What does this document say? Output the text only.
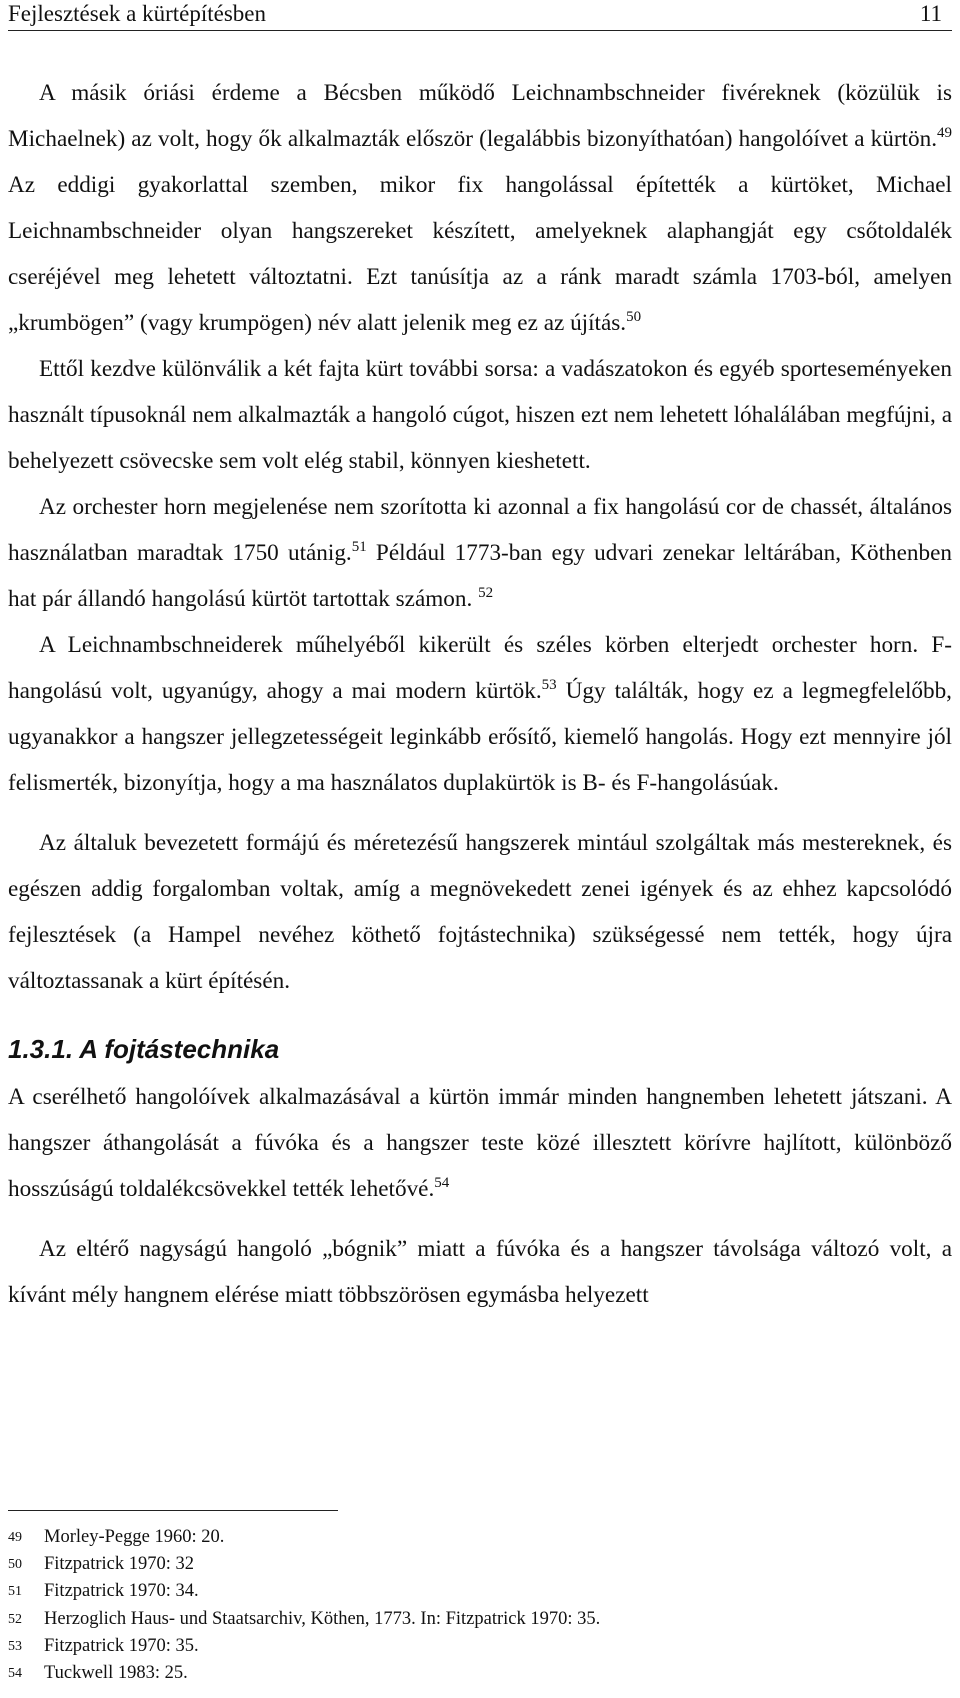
Fejlesztések a kürtépítésben	11

A másik óriási érdeme a Bécsben működő Leichnambschneider fivéreknek (közülük is Michaelnek) az volt, hogy ők alkalmazták először (legalábbis bizonyíthatóan) hangolóívet a kürtön.$^{49}$ Az eddigi gyakorlattal szemben, mikor fix hangolással építették a kürtöket, Michael Leichnambschneider olyan hangszereket készített, amelyeknek alaphangját egy csőtoldalék cseréjével meg lehetett változtatni. Ezt tanúsítja az a ránk maradt számla 1703-ból, amelyen „krumbögen” (vagy krumpögen) név alatt jelenik meg ez az újítás.$^{50}$

Ettől kezdve különválik a két fajta kürt további sorsa: a vadászatokon és egyéb sporteseményeken használt típusoknál nem alkalmazták a hangoló cúgot, hiszen ezt nem lehetett lóhalálában megfújni, a behelyezett csövecske sem volt elég stabil, könnyen kieshetett.

Az orchester horn megjelenése nem szorította ki azonnal a fix hangolású cor de chassét, általános használatban maradtak 1750 utánig.$^{51}$ Például 1773-ban egy udvari zenekar leltárában, Köthenben hat pár állandó hangolású kürtöt tartottak számon. $^{52}$

A Leichnambschneiderek műhelyéből kikerült és széles körben elterjedt orchester horn. F-hangolású volt, ugyanúgy, ahogy a mai modern kürtök.$^{53}$ Úgy találták, hogy ez a legmegfelelőbb, ugyanakkor a hangszer jellegzetességeit leginkább erősítő, kiemelő hangolás. Hogy ezt mennyire jól felismerték, bizonyítja, hogy a ma használatos duplakürtök is B- és F-hangolásúak.

Az általuk bevezetett formájú és méretezésű hangszerek mintául szolgáltak más mestereknek, és egészen addig forgalomban voltak, amíg a megnövekedett zenei igények és az ehhez kapcsolódó fejlesztések (a Hampel nevéhez köthető fojtástechnika) szükségessé nem tették, hogy újra változtassanak a kürt építésén.

1.3.1. A fojtástechnika

A cserélhető hangolóívek alkalmazásával a kürtön immár minden hangnemben lehetett játszani. A hangszer áthangolását a fúvóka és a hangszer teste közé illesztett körívre hajlított, különböző hosszúságú toldalékcsövekkel tették lehetővé.$^{54}$

Az eltérő nagyságú hangoló „bógnik” miatt a fúvóka és a hangszer távolsága változó volt, a kívánt mély hangnem elérése miatt többszörösen egymásba helyezett

49	Morley-Pegge 1960: 20.
50	Fitzpatrick 1970: 32
51	Fitzpatrick 1970: 34.
52	Herzoglich Haus- und Staatsarchiv, Köthen, 1773. In: Fitzpatrick 1970: 35.
53	Fitzpatrick 1970: 35.
54	Tuckwell 1983: 25.
